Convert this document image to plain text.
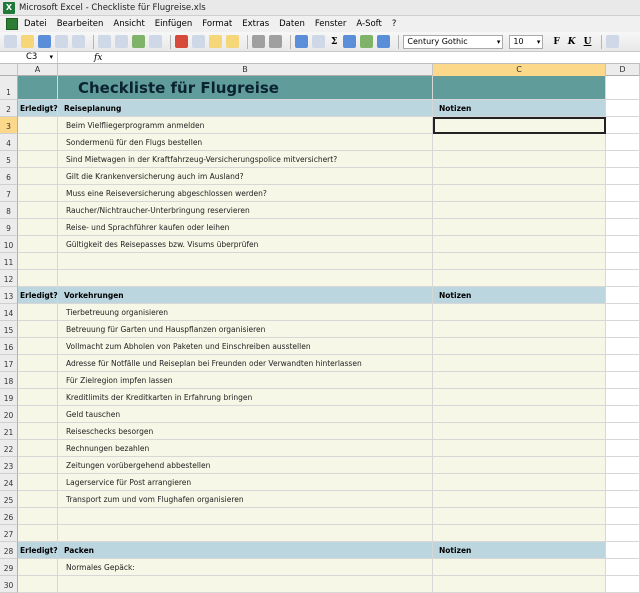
X Microsoft Excel - Checkliste für Flugreise.xls
Datei Bearbeiten Ansicht Einfügen Format Extras Daten Fenster A-Soft ?
Σ	Century Gothic	▾	10 ▾ F K U
C3 ▾	fx
A	B	C	D
1	Checkliste für Flugreise
2	Erledigt? Reiseplanung	Notizen
3	Beim Vielfliegerprogramm anmelden
4	Sondermenü für den Flugs bestellen
5	Sind Mietwagen in der Kraftfahrzeug-Versicherungspolice mitversichert?
6	Gilt die Krankenversicherung auch im Ausland?
7	Muss eine Reiseversicherung abgeschlossen werden?
8	Raucher/Nichtraucher-Unterbringung reservieren
9	Reise- und Sprachführer kaufen oder leihen
10	Gültigkeit des Reisepasses bzw. Visums überprüfen
11
12
13 Erledigt? Vorkehrungen	Notizen
14	Tierbetreuung organisieren
15	Betreuung für Garten und Hauspflanzen organisieren
16	Vollmacht zum Abholen von Paketen und Einschreiben ausstellen
17	Adresse für Notfälle und Reiseplan bei Freunden oder Verwandten hinterlassen
18	Für Zielregion impfen lassen
19	Kreditlimits der Kreditkarten in Erfahrung bringen
20	Geld tauschen
21	Reiseschecks besorgen
22	Rechnungen bezahlen
23	Zeitungen vorübergehend abbestellen
24	Lagerservice für Post arrangieren
25	Transport zum und vom Flughafen organisieren
26
27
28 Erledigt? Packen	Notizen
29	Normales Gepäck:
30
